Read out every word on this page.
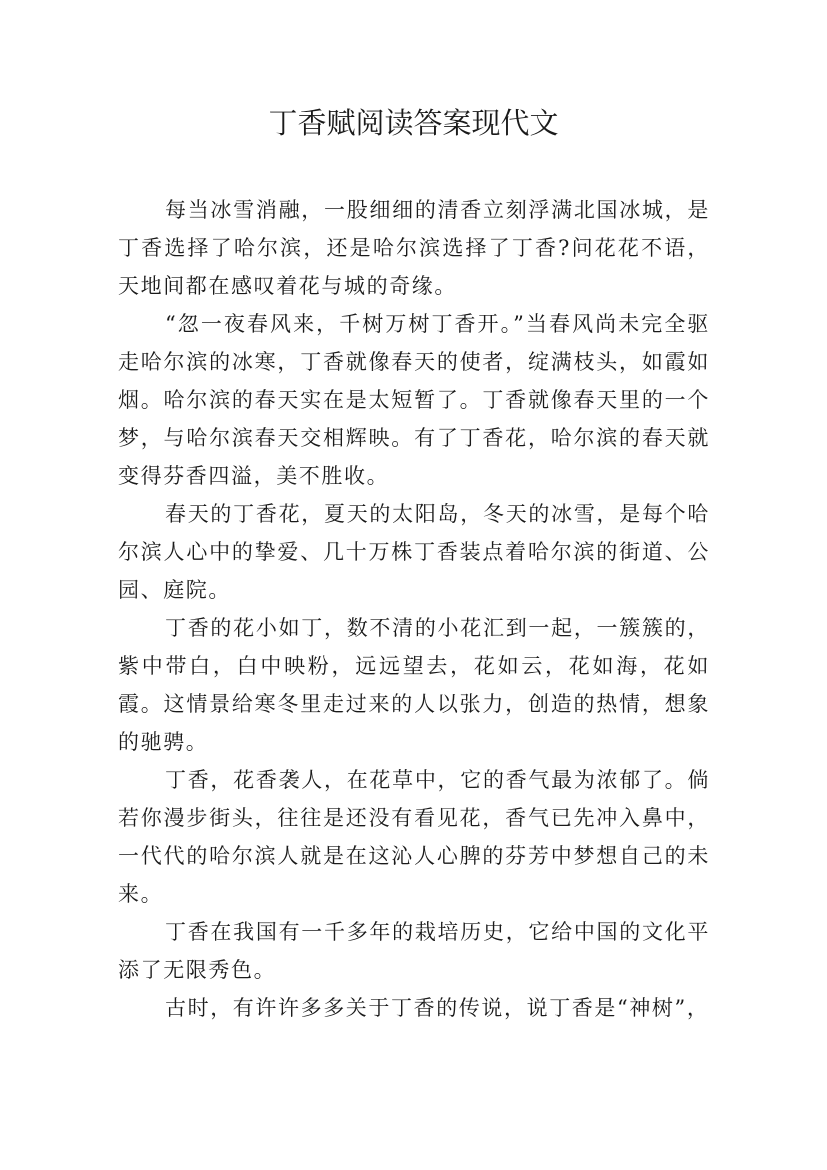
丁香赋阅读答案现代文

每当冰雪消融，一股细细的清香立刻浮满北国冰城，是丁香选择了哈尔滨，还是哈尔滨选择了丁香?问花花不语，天地间都在感叹着花与城的奇缘。

“忽一夜春风来，千树万树丁香开。”当春风尚未完全驱走哈尔滨的冰寒，丁香就像春天的使者，绽满枝头，如霞如烟。哈尔滨的春天实在是太短暂了。丁香就像春天里的一个梦，与哈尔滨春天交相辉映。有了丁香花，哈尔滨的春天就变得芬香四溢，美不胜收。

春天的丁香花，夏天的太阳岛，冬天的冰雪，是每个哈尔滨人心中的挚爱、几十万株丁香装点着哈尔滨的街道、公园、庭院。

丁香的花小如丁，数不清的小花汇到一起，一簇簇的，紫中带白，白中映粉，远远望去，花如云，花如海，花如霞。这情景给寒冬里走过来的人以张力，创造的热情，想象的驰骋。

丁香，花香袭人，在花草中，它的香气最为浓郁了。倘若你漫步街头，往往是还没有看见花，香气已先冲入鼻中，一代代的哈尔滨人就是在这沁人心脾的芬芳中梦想自己的未来。

丁香在我国有一千多年的栽培历史，它给中国的文化平添了无限秀色。

古时，有许许多多关于丁香的传说，说丁香是“神树”，
